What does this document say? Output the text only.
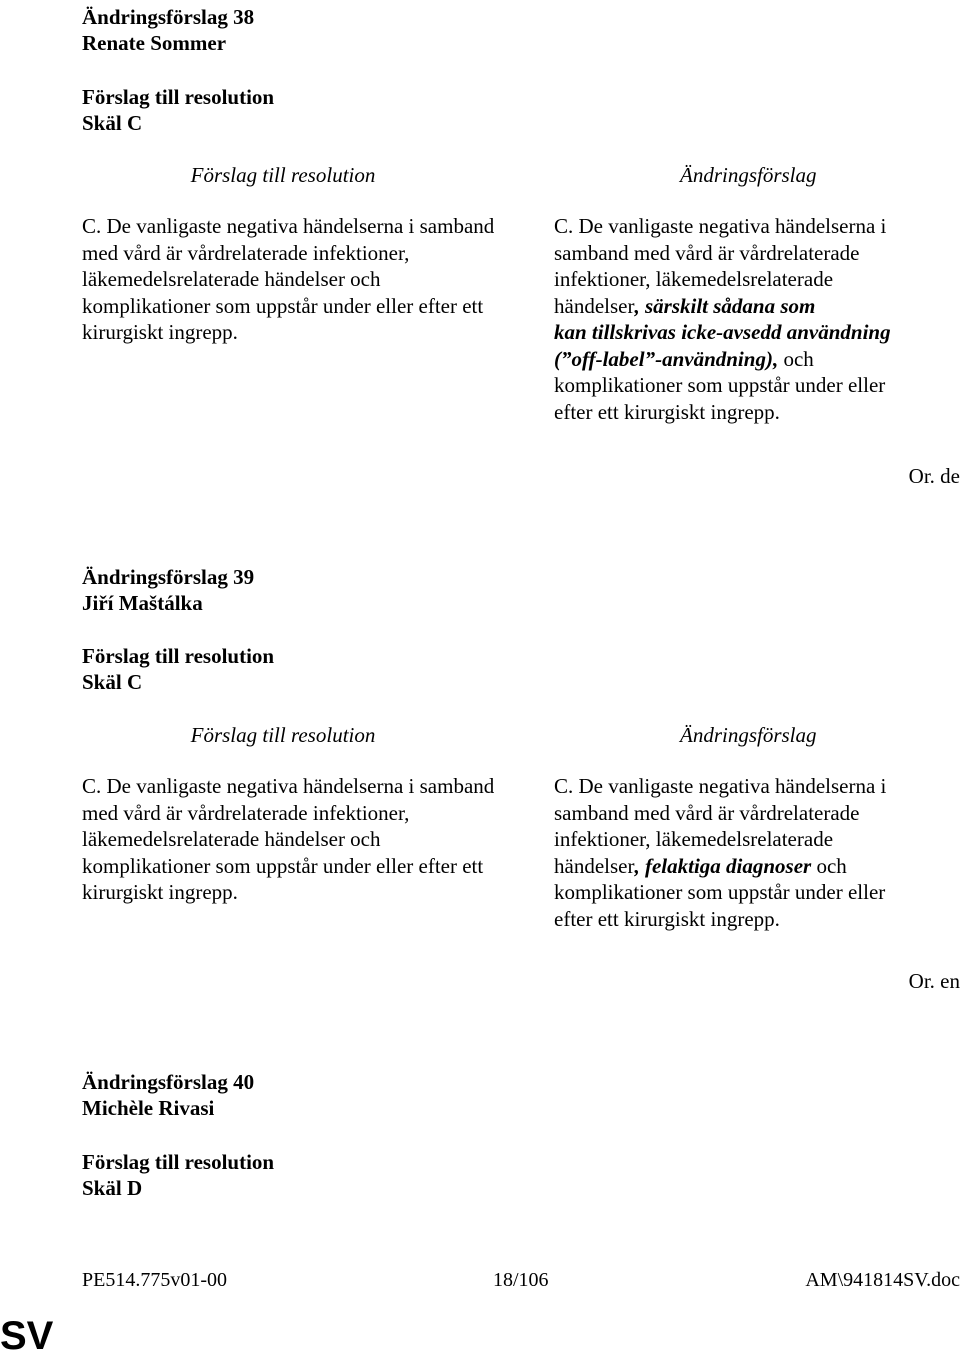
Ändringsförslag 38
Renate Sommer
Förslag till resolution
Skäl C
Förslag till resolution	Ändringsförslag
C. De vanligaste negativa händelserna i samband med vård är vårdrelaterade infektioner, läkemedelsrelaterade händelser och komplikationer som uppstår under eller efter ett kirurgiskt ingrepp.
C. De vanligaste negativa händelserna i
samband med vård är vårdrelaterade
infektioner, läkemedelsrelaterade
händelser, särskilt sådana som
kan tillskrivas icke-avsedd användning
(”off-label”-användning), och
komplikationer som uppstår under eller
efter ett kirurgiskt ingrepp.
Or. de
Ändringsförslag 39
Jiří Maštálka
Förslag till resolution
Skäl C
Förslag till resolution	Ändringsförslag
C. De vanligaste negativa händelserna i samband med vård är vårdrelaterade infektioner, läkemedelsrelaterade händelser och komplikationer som uppstår under eller efter ett kirurgiskt ingrepp.
C. De vanligaste negativa händelserna i
samband med vård är vårdrelaterade
infektioner, läkemedelsrelaterade
händelser, felaktiga diagnoser och
komplikationer som uppstår under eller
efter ett kirurgiskt ingrepp.
Or. en
Ändringsförslag 40
Michèle Rivasi
Förslag till resolution
Skäl D
PE514.775v01-00	18/106	AM\941814SV.doc
SV
